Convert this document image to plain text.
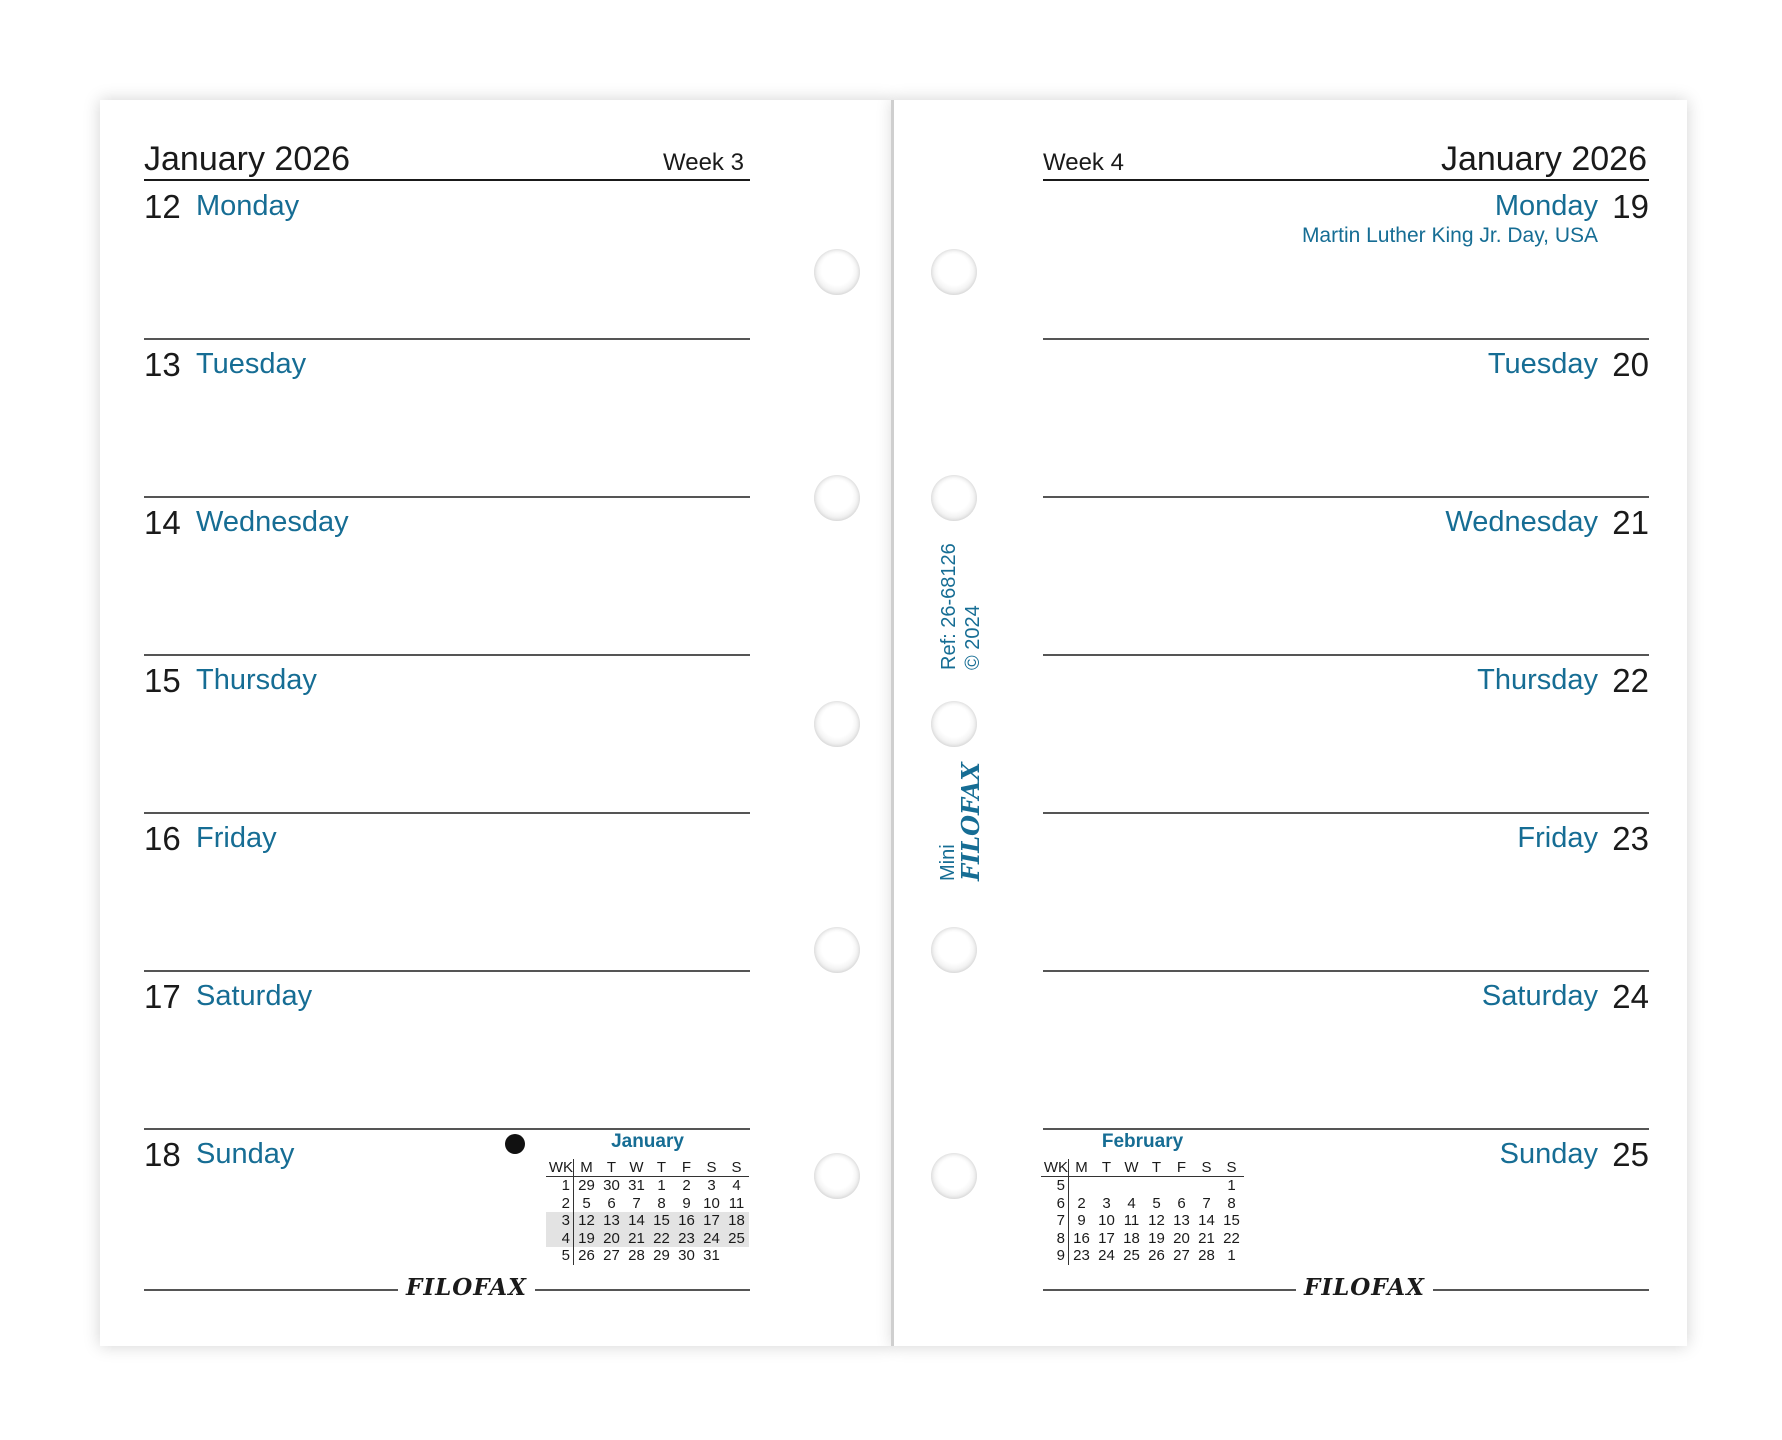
January 2026	Week 3	Week 4	January 2026
12 Monday
13 Tuesday
14 Wednesday
15 Thursday
16 Friday
17 Saturday
18 Sunday
19
Monday
Martin Luther King Jr. Day, USA
20
Tuesday
21
Wednesday
22
Thursday
23
Friday
24
Saturday
25
Sunday
FILOFAX	FILOFAX
January
WK	M	T	W	T	F	S	S
1	29	30	31	1	2	3	4
2	5	6	7	8	9	10	11
3	12	13	14	15	16	17	18
4	19	20	21	22	23	24	25
5	26	27	28	29	30	31	
February
WK	M	T	W	T	F	S	S
5							1
6	2	3	4	5	6	7	8
7	9	10	11	12	13	14	15
8	16	17	18	19	20	21	22
9	23	24	25	26	27	28	1
Ref: 26-68126 © 2024
Mini
FILOFAX
